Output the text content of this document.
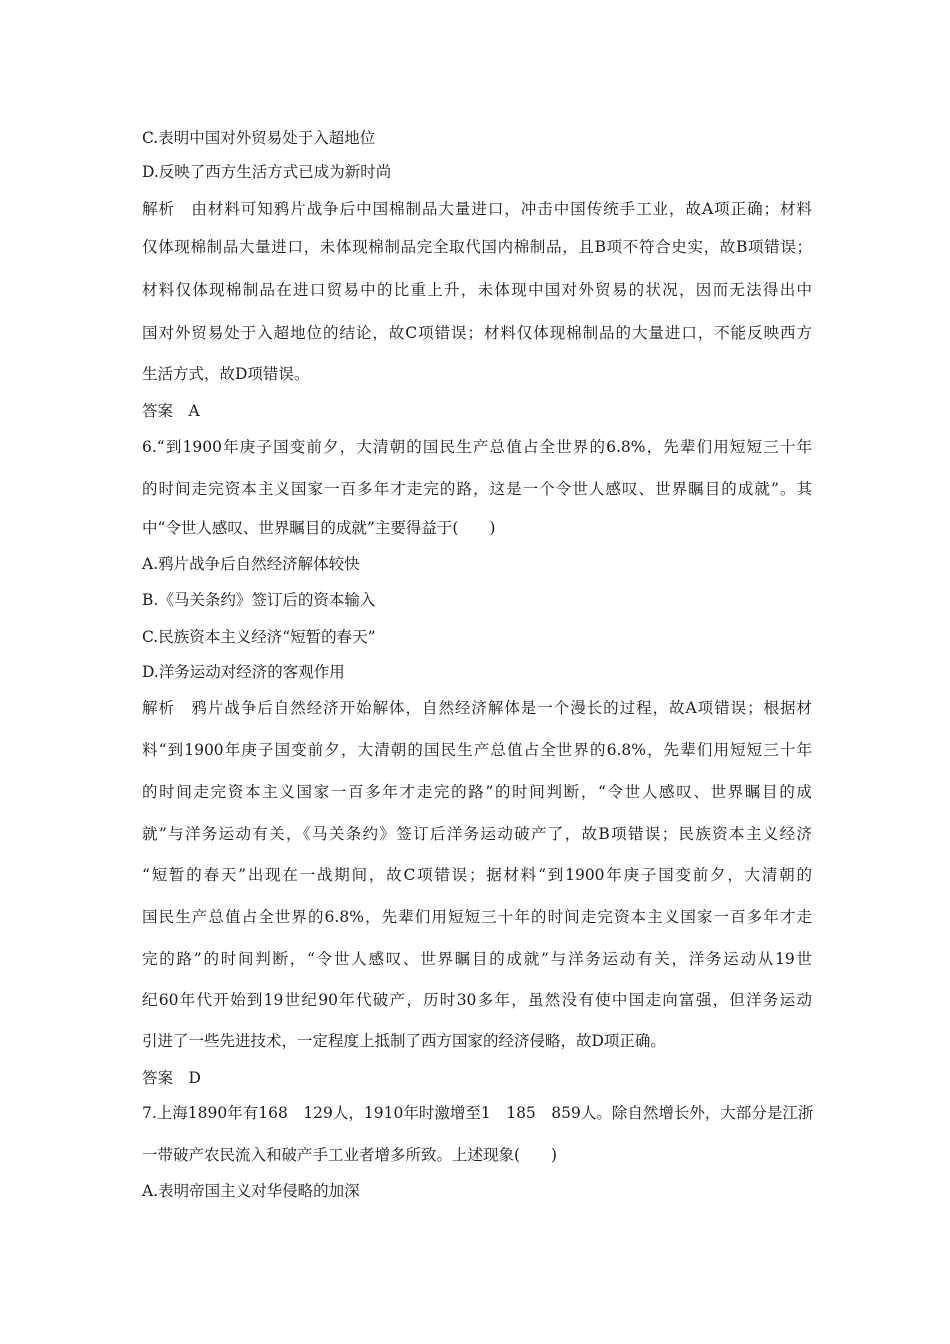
C.表明中国对外贸易处于入超地位
D.反映了西方生活方式已成为新时尚
解析　由材料可知鸦片战争后中国棉制品大量进口，冲击中国传统手工业，故A项正确；材料
仅体现棉制品大量进口，未体现棉制品完全取代国内棉制品，且B项不符合史实，故B项错误；
材料仅体现棉制品在进口贸易中的比重上升，未体现中国对外贸易的状况，因而无法得出中
国对外贸易处于入超地位的结论，故C项错误；材料仅体现棉制品的大量进口，不能反映西方
生活方式，故D项错误。
答案　A
6.“到1900年庚子国变前夕，大清朝的国民生产总值占全世界的6.8%，先辈们用短短三十年
的时间走完资本主义国家一百多年才走完的路，这是一个令世人感叹、世界瞩目的成就”。其
中“令世人感叹、世界瞩目的成就”主要得益于(　　)
A.鸦片战争后自然经济解体较快
B.《马关条约》签订后的资本输入
C.民族资本主义经济“短暂的春天”
D.洋务运动对经济的客观作用
解析　鸦片战争后自然经济开始解体，自然经济解体是一个漫长的过程，故A项错误；根据材
料“到1900年庚子国变前夕，大清朝的国民生产总值占全世界的6.8%，先辈们用短短三十年
的时间走完资本主义国家一百多年才走完的路”的时间判断，“令世人感叹、世界瞩目的成
就”与洋务运动有关，《马关条约》签订后洋务运动破产了，故B项错误；民族资本主义经济
“短暂的春天”出现在一战期间，故C项错误；据材料“到1900年庚子国变前夕，大清朝的
国民生产总值占全世界的6.8%，先辈们用短短三十年的时间走完资本主义国家一百多年才走
完的路”的时间判断，“令世人感叹、世界瞩目的成就”与洋务运动有关，洋务运动从19世
纪60年代开始到19世纪90年代破产，历时30多年，虽然没有使中国走向富强，但洋务运动
引进了一些先进技术，一定程度上抵制了西方国家的经济侵略，故D项正确。
答案　D
7.上海1890年有168　129人，1910年时激增至1　185　859人。除自然增长外，大部分是江浙
一带破产农民流入和破产手工业者增多所致。上述现象(　　)
A.表明帝国主义对华侵略的加深
